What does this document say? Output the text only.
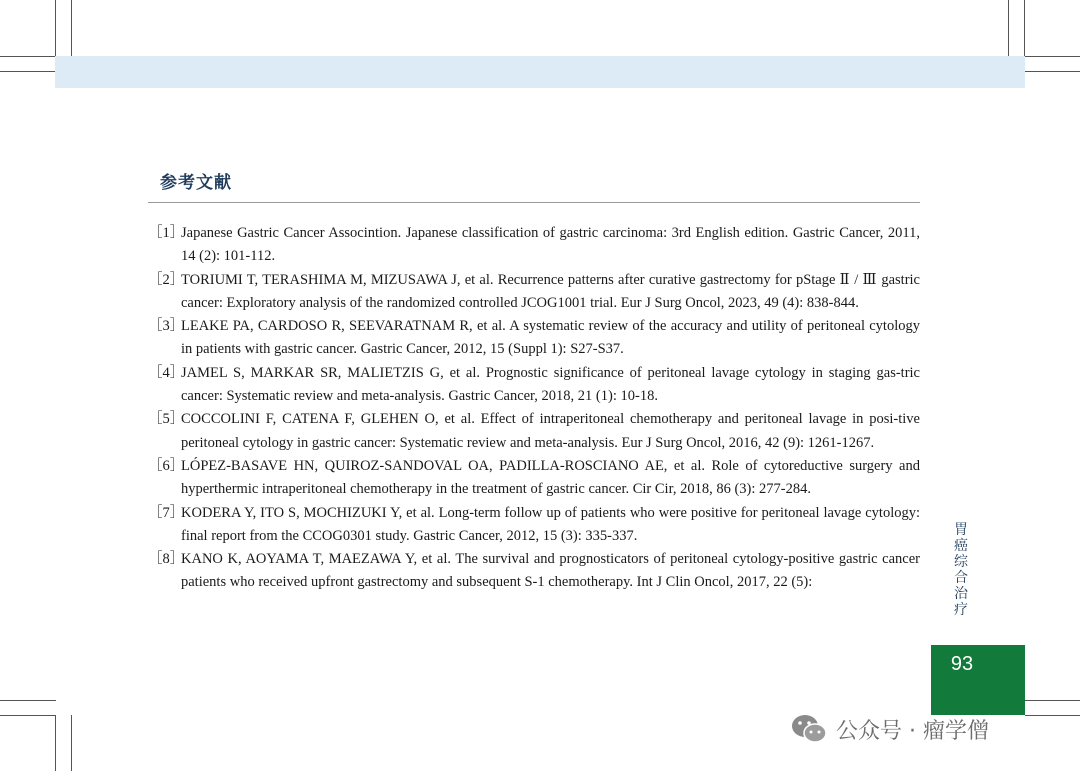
参考文献
［1］

Japanese Gastric Cancer Associntion. Japanese classification of gastric carcinoma: 3rd English edition. Gastric Cancer, 2011, 14 (2): 101-112.

［2］

TORIUMI T, TERASHIMA M, MIZUSAWA J, et al. Recurrence patterns after curative gastrectomy for pStage Ⅱ / Ⅲ gastric cancer: Exploratory analysis of the randomized controlled JCOG1001 trial. Eur J Surg Oncol, 2023, 49 (4): 838-844.

［3］

LEAKE PA, CARDOSO R, SEEVARATNAM R, et al. A systematic review of the accuracy and utility of peritoneal cytology in patients with gastric cancer. Gastric Cancer, 2012, 15 (Suppl 1): S27-S37.

［4］

JAMEL S, MARKAR SR, MALIETZIS G, et al. Prognostic significance of peritoneal lavage cytology in staging gas-tric cancer: Systematic review and meta-analysis. Gastric Cancer, 2018, 21 (1): 10-18.

［5］

COCCOLINI F, CATENA F, GLEHEN O, et al. Effect of intraperitoneal chemotherapy and peritoneal lavage in posi-tive peritoneal cytology in gastric cancer: Systematic review and meta-analysis. Eur J Surg Oncol, 2016, 42 (9): 1261-1267.

［6］

LÓPEZ-BASAVE HN, QUIROZ-SANDOVAL OA, PADILLA-ROSCIANO AE, et al. Role of cytoreductive surgery and hyperthermic intraperitoneal chemotherapy in the treatment of gastric cancer. Cir Cir, 2018, 86 (3): 277-284.

［7］

KODERA Y, ITO S, MOCHIZUKI Y, et al. Long-term follow up of patients who were positive for peritoneal lavage cytology: final report from the CCOG0301 study. Gastric Cancer, 2012, 15 (3): 335-337.

［8］

KANO K, AOYAMA T, MAEZAWA Y, et al. The survival and prognosticators of peritoneal cytology-positive gastric cancer patients who received upfront gastrectomy and subsequent S-1 chemotherapy. Int J Clin Oncol, 2017, 22 (5):

胃癌综合治疗
93
公众号 · 瘤学僧
